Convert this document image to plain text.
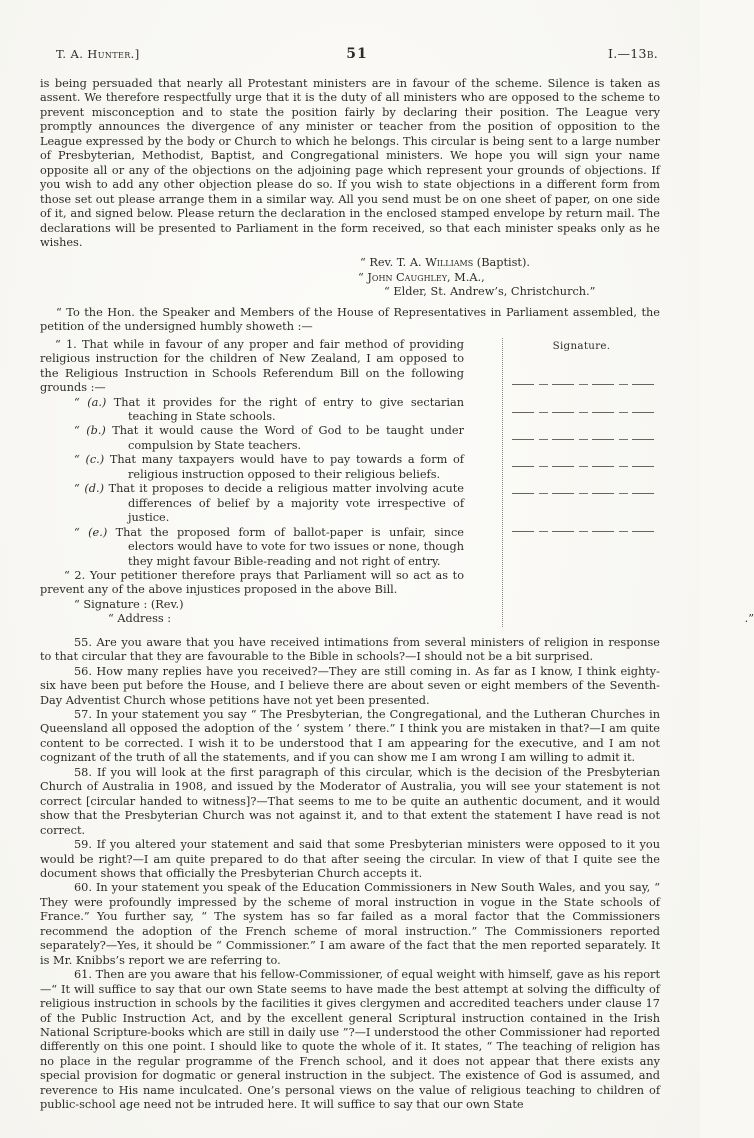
T. A. Hunter.]	51	I.—13b.

is being persuaded that nearly all Protestant ministers are in favour of the scheme. Silence is taken as assent. We therefore respectfully urge that it is the duty of all ministers who are opposed to the scheme to prevent misconception and to state the position fairly by declaring their position. The League very promptly announces the divergence of any minister or teacher from the position of opposition to the League expressed by the body or Church to which he belongs. This circular is being sent to a large number of Presbyterian, Methodist, Baptist, and Congregational ministers. We hope you will sign your name opposite all or any of the objections on the adjoining page which represent your grounds of objections. If you wish to add any other objection please do so. If you wish to state objections in a different form from those set out please arrange them in a similar way. All you send must be on one sheet of paper, on one side of it, and signed below. Please return the declaration in the enclosed stamped envelope by return mail. The declarations will be presented to Parliament in the form received, so that each minister speaks only as he wishes.

“ Rev. T. A. Williams (Baptist).
“ John Caughley, M.A.,
“ Elder, St. Andrew’s, Christchurch.”

“ To the Hon. the Speaker and Members of the House of Representatives in Parliament assembled, the petition of the undersigned humbly showeth :—

“ 1. That while in favour of any proper and fair method of providing religious instruction for the children of New Zealand, I am opposed to the Religious Instruction in Schools Referendum Bill on the following grounds :—

“ (a.) That it provides for the right of entry to give sectarian teaching in State schools.

“ (b.) That it would cause the Word of God to be taught under compulsion by State teachers.

“ (c.) That many taxpayers would have to pay towards a form of religious instruction opposed to their religious beliefs.

“ (d.) That it proposes to decide a religious matter involving acute differences of belief by a majority vote irrespective of justice.

“ (e.) That the proposed form of ballot-paper is unfair, since electors would have to vote for two issues or none, though they might favour Bible-reading and not right of entry.

“ 2. Your petitioner therefore prays that Parliament will so act as to prevent any of the above injustices proposed in the above Bill.

“ Signature : (Rev.)

“ Address :	.”

Signature.

55. Are you aware that you have received intimations from several ministers of religion in response to that circular that they are favourable to the Bible in schools?—I should not be a bit surprised.

56. How many replies have you received?—They are still coming in. As far as I know, I think eighty-six have been put before the House, and I believe there are about seven or eight members of the Seventh-Day Adventist Church whose petitions have not yet been presented.

57. In your statement you say “ The Presbyterian, the Congregational, and the Lutheran Churches in Queensland all opposed the adoption of the ‘ system ’ there.” I think you are mistaken in that?—I am quite content to be corrected. I wish it to be understood that I am appearing for the executive, and I am not cognizant of the truth of all the statements, and if you can show me I am wrong I am willing to admit it.

58. If you will look at the first paragraph of this circular, which is the decision of the Presbyterian Church of Australia in 1908, and issued by the Moderator of Australia, you will see your statement is not correct [circular handed to witness]?—That seems to me to be quite an authentic document, and it would show that the Presbyterian Church was not against it, and to that extent the statement I have read is not correct.

59. If you altered your statement and said that some Presbyterian ministers were opposed to it you would be right?—I am quite prepared to do that after seeing the circular. In view of that I quite see the document shows that officially the Presbyterian Church accepts it.

60. In your statement you speak of the Education Commissioners in New South Wales, and you say, “ They were profoundly impressed by the scheme of moral instruction in vogue in the State schools of France.” You further say, “ The system has so far failed as a moral factor that the Commissioners recommend the adoption of the French scheme of moral instruction.” The Commissioners reported separately?—Yes, it should be “ Commissioner.” I am aware of the fact that the men reported separately. It is Mr. Knibbs’s report we are referring to.

61. Then are you aware that his fellow-Commissioner, of equal weight with himself, gave as his report—“ It will suffice to say that our own State seems to have made the best attempt at solving the difficulty of religious instruction in schools by the facilities it gives clergymen and accredited teachers under clause 17 of the Public Instruction Act, and by the excellent general Scriptural instruction contained in the Irish National Scripture-books which are still in daily use ”?—I understood the other Commissioner had reported differently on this one point. I should like to quote the whole of it. It states, “ The teaching of religion has no place in the regular programme of the French school, and it does not appear that there exists any special provision for dogmatic or general instruction in the subject. The existence of God is assumed, and reverence to His name inculcated. One’s personal views on the value of religious teaching to children of public-school age need not be intruded here. It will suffice to say that our own State
